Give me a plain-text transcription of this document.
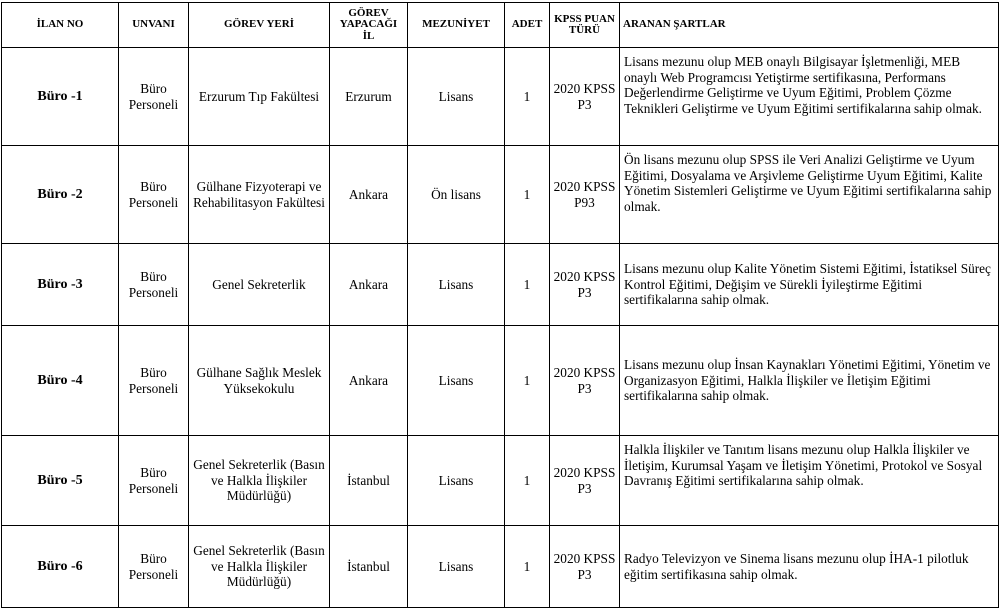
İLAN NO	UNVANI	GÖREV YERİ	GÖREV YAPACAĞI İL	MEZUNİYET	ADET	KPSS PUAN TÜRÜ	ARANAN ŞARTLAR
Büro -1	Büro Personeli	Erzurum Tıp Fakültesi	Erzurum	Lisans	1	2020 KPSS P3	Lisans mezunu olup MEB onaylı Bilgisayar İşletmenliği, MEB onaylı Web Programcısı Yetiştirme sertifikasına, Performans Değerlendirme Geliştirme ve Uyum Eğitimi, Problem Çözme Teknikleri Geliştirme ve Uyum Eğitimi sertifikalarına sahip olmak.
Büro -2	Büro Personeli	Gülhane Fizyoterapi ve Rehabilitasyon Fakültesi	Ankara	Ön lisans	1	2020 KPSS P93	Ön lisans mezunu olup SPSS ile Veri Analizi Geliştirme ve Uyum Eğitimi, Dosyalama ve Arşivleme Geliştirme Uyum Eğitimi, Kalite Yönetim Sistemleri Geliştirme ve Uyum Eğitimi sertifikalarına sahip olmak.
Büro -3	Büro Personeli	Genel Sekreterlik	Ankara	Lisans	1	2020 KPSS P3	Lisans mezunu olup Kalite Yönetim Sistemi Eğitimi, İstatiksel Süreç Kontrol Eğitimi, Değişim ve Sürekli İyileştirme Eğitimi sertifikalarına sahip olmak.
Büro -4	Büro Personeli	Gülhane Sağlık Meslek Yüksekokulu	Ankara	Lisans	1	2020 KPSS P3	Lisans mezunu olup İnsan Kaynakları Yönetimi Eğitimi, Yönetim ve Organizasyon Eğitimi, Halkla İlişkiler ve İletişim Eğitimi sertifikalarına sahip olmak.
Büro -5	Büro Personeli	Genel Sekreterlik (Basın ve Halkla İlişkiler Müdürlüğü)	İstanbul	Lisans	1	2020 KPSS P3	Halkla İlişkiler ve Tanıtım lisans mezunu olup Halkla İlişkiler ve İletişim, Kurumsal Yaşam ve İletişim Yönetimi, Protokol ve Sosyal Davranış Eğitimi sertifikalarına sahip olmak.
Büro -6	Büro Personeli	Genel Sekreterlik (Basın ve Halkla İlişkiler Müdürlüğü)	İstanbul	Lisans	1	2020 KPSS P3	Radyo Televizyon ve Sinema lisans mezunu olup İHA-1 pilotluk eğitim sertifikasına sahip olmak.
